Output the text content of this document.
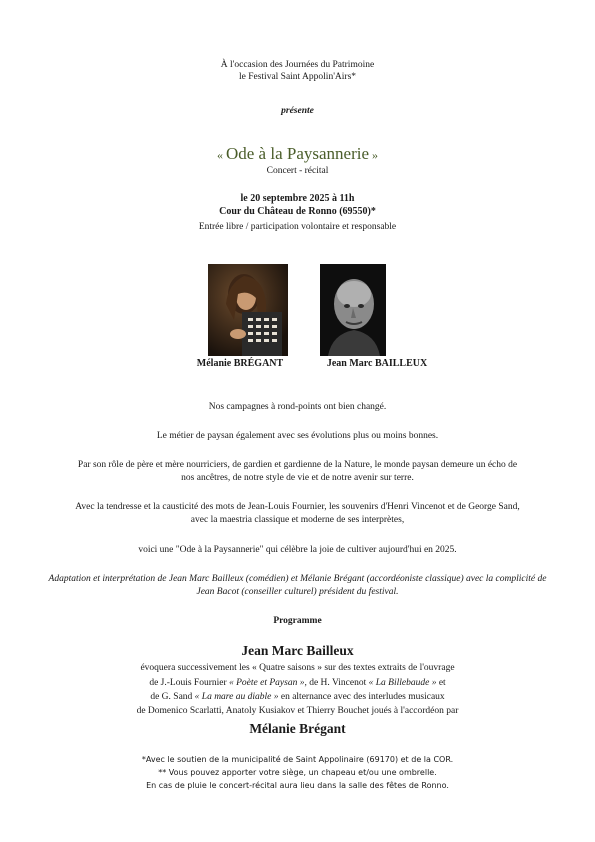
À l'occasion des Journées du Patrimoine
le Festival Saint Appolin'Airs*
présente
« Ode à la Paysannerie »
Concert - récital
le 20 septembre 2025 à 11h
Cour du Château de Ronno (69550)*
Entrée libre / participation volontaire et responsable
Mélanie BRÉGANT	Jean Marc BAILLEUX
Nos campagnes à rond-points ont bien changé.
Le métier de paysan également avec ses évolutions plus ou moins bonnes.
Par son rôle de père et mère nourriciers, de gardien et gardienne de la Nature, le monde paysan demeure un écho de
nos ancêtres, de notre style de vie et de notre avenir sur terre.
Avec la tendresse et la causticité des mots de Jean-Louis Fournier, les souvenirs d'Henri Vincenot et de George Sand,
avec la maestria classique et moderne de ses interprètes,
voici une "Ode à la Paysannerie" qui célèbre la joie de cultiver aujourd'hui en 2025.
Adaptation et interprétation de Jean Marc Bailleux (comédien) et Mélanie Brégant (accordéoniste classique) avec la complicité de
Jean Bacot (conseiller culturel) président du festival.
Programme
Jean Marc Bailleux
évoquera successivement les « Quatre saisons » sur des textes extraits de l'ouvrage
de J.-Louis Fournier « Poète et Paysan », de H. Vincenot « La Billebaude » et
de G. Sand « La mare au diable » en alternance avec des interludes musicaux
de Domenico Scarlatti, Anatoly Kusiakov et Thierry Bouchet joués à l'accordéon par
Mélanie Brégant
*Avec le soutien de la municipalité de Saint Appolinaire (69170) et de la COR.
** Vous pouvez apporter votre siège, un chapeau et/ou une ombrelle.
En cas de pluie le concert-récital aura lieu dans la salle des fêtes de Ronno.
